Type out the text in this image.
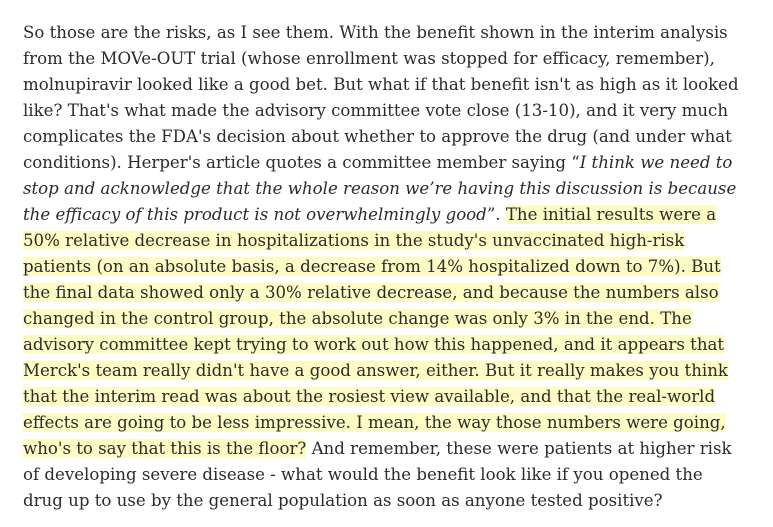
So those are the risks, as I see them. With the benefit shown in the interim analysis from the MOVe-OUT trial (whose enrollment was stopped for efficacy, remember), molnupiravir looked like a good bet. But what if that benefit isn't as high as it looked like? That's what made the advisory committee vote close (13-10), and it very much complicates the FDA's decision about whether to approve the drug (and under what conditions). Herper's article quotes a committee member saying “I think we need to stop and acknowledge that the whole reason we’re having this discussion is because the efficacy of this product is not overwhelmingly good”. The initial results were a 50% relative decrease in hospitalizations in the study's unvaccinated high-risk patients (on an absolute basis, a decrease from 14% hospitalized down to 7%). But the final data showed only a 30% relative decrease, and because the numbers also changed in the control group, the absolute change was only 3% in the end. The advisory committee kept trying to work out how this happened, and it appears that Merck's team really didn't have a good answer, either. But it really makes you think that the interim read was about the rosiest view available, and that the real-world effects are going to be less impressive. I mean, the way those numbers were going, who's to say that this is the floor? And remember, these were patients at higher risk of developing severe disease - what would the benefit look like if you opened the drug up to use by the general population as soon as anyone tested positive?
